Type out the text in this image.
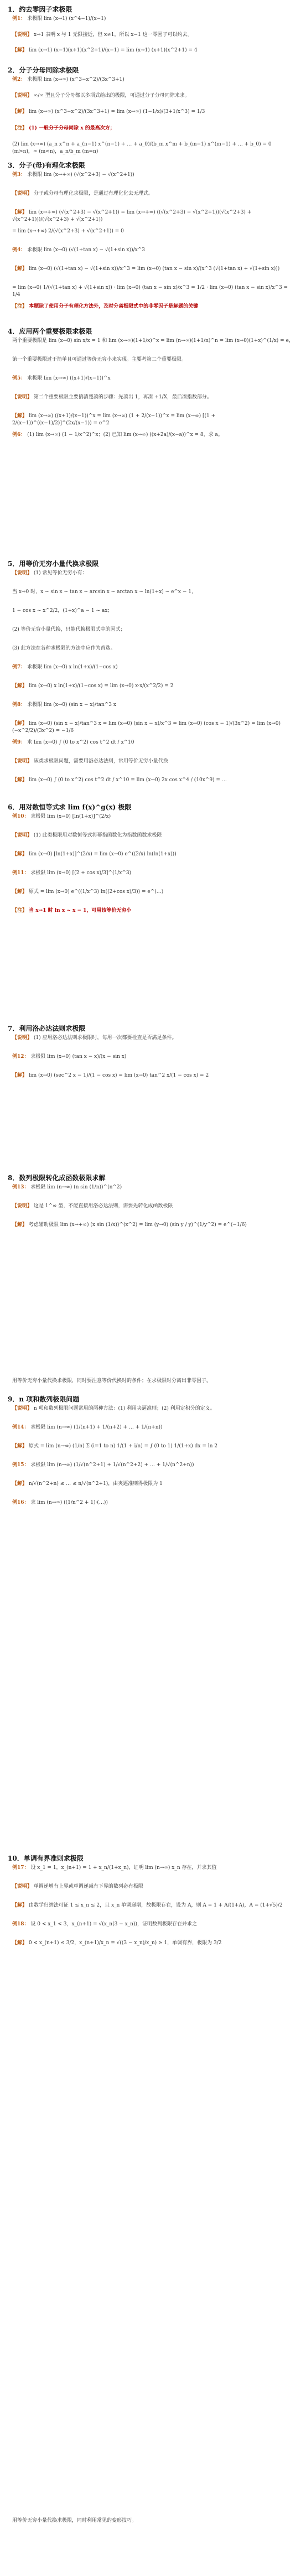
1．约去零因子求极限
例1： 求极限 lim (x→1) (x^4−1)/(x−1)
【说明】 x→1 表明 x 与 1 无限接近，但 x≠1，所以 x−1 这一零因子可以约去。
【解】 lim (x→1) (x−1)(x+1)(x^2+1)/(x−1) = lim (x→1) (x+1)(x^2+1) = 4
2．分子分母同除求极限
例2： 求极限 lim (x→∞) (x^3−x^2)/(3x^3+1)
【说明】 ∞/∞ 型且分子分母都以多项式给出的极限，可通过分子分母同除来求。
【解】 lim (x→∞) (x^3−x^2)/(3x^3+1) = lim (x→∞) (1−1/x)/(3+1/x^3) = 1/3
【注】 (1) 一般分子分母同除 x 的最高次方；
(2) lim (x→∞) (a_n x^n + a_(n−1) x^(n−1) + … + a_0)/(b_m x^m + b_(m−1) x^(m−1) + … + b_0) = 0 (m>n)，∞ (m<n)，a_n/b_m (m=n)
3．分子(母)有理化求极限
例3： 求极限 lim (x→+∞) (√(x^2+3) − √(x^2+1))
【说明】 分子或分母有理化求极限，是通过有理化化去无理式。
【解】 lim (x→+∞) (√(x^2+3) − √(x^2+1)) = lim (x→+∞) ((√(x^2+3) − √(x^2+1))(√(x^2+3) + √(x^2+1)))/(√(x^2+3) + √(x^2+1))
= lim (x→+∞) 2/(√(x^2+3) + √(x^2+1)) = 0
例4： 求极限 lim (x→0) (√(1+tan x) − √(1+sin x))/x^3
【解】 lim (x→0) (√(1+tan x) − √(1+sin x))/x^3 = lim (x→0) (tan x − sin x)/(x^3 (√(1+tan x) + √(1+sin x)))
= lim (x→0) 1/(√(1+tan x) + √(1+sin x)) · lim (x→0) (tan x − sin x)/x^3 = 1/2 · lim (x→0) (tan x − sin x)/x^3 = 1/4
【注】 本题除了使用分子有理化方法外，及时分离极限式中的非零因子是解题的关键
4．应用两个重要极限求极限
两个重要极限是 lim (x→0) sin x/x = 1 和 lim (x→∞)(1+1/x)^x = lim (n→∞)(1+1/n)^n = lim (x→0)(1+x)^(1/x) = e，
第一个重要极限过于简单且可通过等价无穷小来实现。主要考第二个重要极限。
例5： 求极限 lim (x→∞) ((x+1)/(x−1))^x
【说明】 第二个重要极限主要搞清楚凑的步骤：先凑出 1，再凑 +1/X，最后凑指数部分。
【解】 lim (x→∞) ((x+1)/(x−1))^x = lim (x→∞) (1 + 2/(x−1))^x = lim (x→∞) [(1 + 2/(x−1))^((x−1)/2)]^(2x/(x−1)) = e^2
例6： (1) lim (x→∞) (1 − 1/x^2)^x；(2) 已知 lim (x→∞) ((x+2a)/(x−a))^x = 8，求 a。
5．用等价无穷小量代换求极限
【说明】 (1) 常见等价无穷小有：
当 x→0 时，x ~ sin x ~ tan x ~ arcsin x ~ arctan x ~ ln(1+x) ~ e^x − 1，
1 − cos x ~ x^2/2，(1+x)^a − 1 ~ ax；
(2) 等价无穷小量代换，只能代换极限式中的因式；
(3) 此方法在各种求极限的方法中应作为首选。
例7： 求极限 lim (x→0) x ln(1+x)/(1−cos x)
【解】 lim (x→0) x ln(1+x)/(1−cos x) = lim (x→0) x·x/(x^2/2) = 2
例8： 求极限 lim (x→0) (sin x − x)/tan^3 x
【解】 lim (x→0) (sin x − x)/tan^3 x = lim (x→0) (sin x − x)/x^3 = lim (x→0) (cos x − 1)/(3x^2) = lim (x→0) (−x^2/2)/(3x^2) = −1/6
例9： 求 lim (x→0) ∫ (0 to x^2) cos t^2 dt / x^10
【说明】 该类求极限问题，需要用洛必达法则，常用等价无穷小量代换
【解】 lim (x→0) ∫ (0 to x^2) cos t^2 dt / x^10 = lim (x→0) 2x cos x^4 / (10x^9) = …
6．用对数恒等式求 lim f(x)^g(x) 极限
例10： 求极限 lim (x→0) [ln(1+x)]^(2/x)
【说明】 (1) 此类极限用对数恒等式将幂指函数化为指数函数求极限
【解】 lim (x→0) [ln(1+x)]^(2/x) = lim (x→0) e^((2/x) ln(ln(1+x)))
例11： 求极限 lim (x→0) [(2 + cos x)/3]^(1/x^3)
【解】 原式 = lim (x→0) e^((1/x^3) ln((2+cos x)/3)) = e^(…)
【注】 当 x→1 时 ln x ~ x − 1，可用该等价无穷小
7．利用洛必达法则求极限
【说明】 (1) 应用洛必达法则求极限时，每用一次都要检查是否满足条件。
例12： 求极限 lim (x→0) (tan x − x)/(x − sin x)
【解】 lim (x→0) (sec^2 x − 1)/(1 − cos x) = lim (x→0) tan^2 x/(1 − cos x) = 2
8．数列极限转化成函数极限求解
例13： 求极限 lim (n→∞) (n sin (1/n))^(n^2)
【说明】 这是 1^∞ 型，不能直接用洛必达法则，需要先转化成函数极限
【解】 考虑辅助极限 lim (x→+∞) (x sin (1/x))^(x^2) = lim (y→0) (sin y / y)^(1/y^2) = e^(−1/6)
9．n 项和数列极限问题
【说明】 n 项和数列极限问题常用的两种方法：(1) 利用夹逼准则；(2) 利用定积分的定义。
例14： 求极限 lim (n→∞) (1/(n+1) + 1/(n+2) + … + 1/(n+n))
【解】 原式 = lim (n→∞) (1/n) Σ (i=1 to n) 1/(1 + i/n) = ∫ (0 to 1) 1/(1+x) dx = ln 2
例15： 求极限 lim (n→∞) (1/√(n^2+1) + 1/√(n^2+2) + … + 1/√(n^2+n))
【解】 n/√(n^2+n) ≤ … ≤ n/√(n^2+1)，由夹逼准则得极限为 1
例16： 求 lim (n→∞) ((1/n^2 + 1)·(…))
10．单调有界准则求极限
例17： 设 x_1 = 1，x_(n+1) = 1 + x_n/(1+x_n)，证明 lim (n→∞) x_n 存在，并求其值
【说明】 单调递增有上界或单调递减有下界的数列必有极限
【解】 由数学归纳法可证 1 ≤ x_n ≤ 2，且 x_n 单调递增，故极限存在，设为 A，则 A = 1 + A/(1+A)，A = (1+√5)/2
例18： 设 0 < x_1 < 3，x_(n+1) = √(x_n(3 − x_n))，证明数列极限存在并求之
【解】 0 < x_(n+1) ≤ 3/2，x_(n+1)/x_n = √((3 − x_n)/x_n) ≥ 1，单调有界，极限为 3/2
用等价无穷小量代换求极限，同时要注意等价代换时的条件；在求极限时分离出非零因子。
用等价无穷小量代换求极限，同时利用常见的变形技巧。
